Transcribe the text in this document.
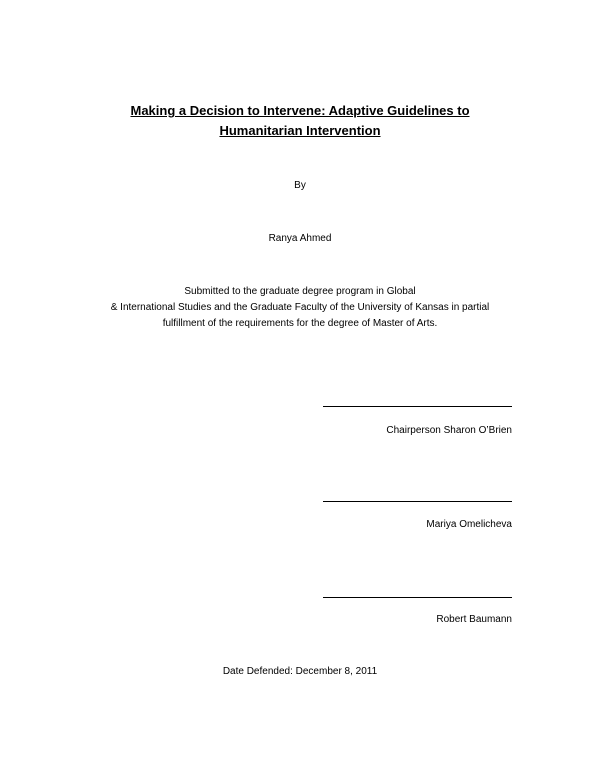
Making a Decision to Intervene: Adaptive Guidelines to
Humanitarian Intervention
By
Ranya Ahmed
Submitted to the graduate degree program in Global
& International Studies and the Graduate Faculty of the University of Kansas in partial
fulfillment of the requirements for the degree of Master of Arts.
Chairperson Sharon O’Brien
Mariya Omelicheva
Robert Baumann
Date Defended: December 8, 2011
